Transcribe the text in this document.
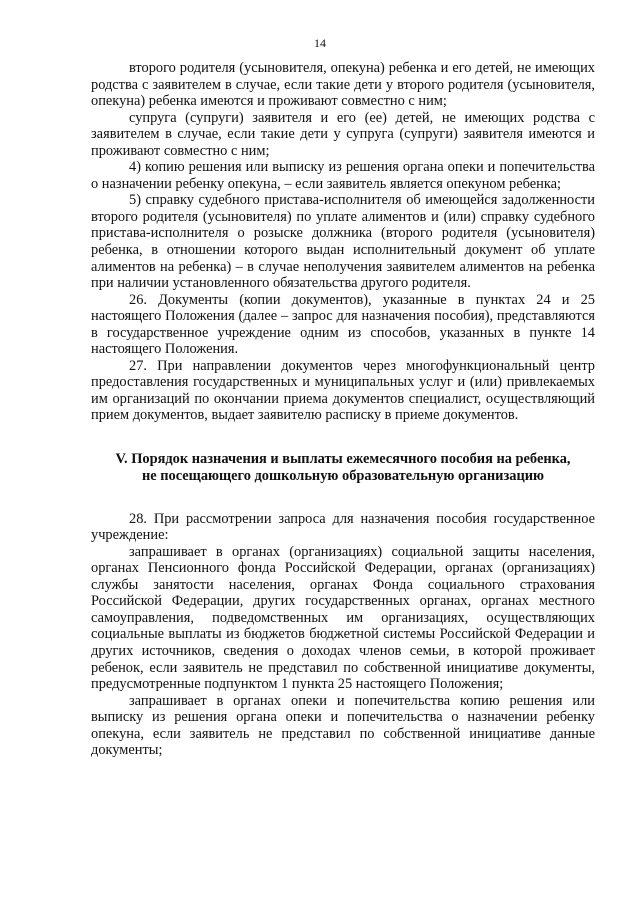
14

второго родителя (усыновителя, опекуна) ребенка и его детей, не имеющих родства с заявителем в случае, если такие дети у второго родителя (усыновителя, опекуна) ребенка имеются и проживают совместно с ним;

супруга (супруги) заявителя и его (ее) детей, не имеющих родства с заявителем в случае, если такие дети у супруга (супруги) заявителя имеются и проживают совместно с ним;

4) копию решения или выписку из решения органа опеки и попечительства о назначении ребенку опекуна, – если заявитель является опекуном ребенка;

5) справку судебного пристава-исполнителя об имеющейся задолженности второго родителя (усыновителя) по уплате алиментов и (или) справку судебного пристава-исполнителя о розыске должника (второго родителя (усыновителя) ребенка, в отношении которого выдан исполнительный документ об уплате алиментов на ребенка) – в случае неполучения заявителем алиментов на ребенка при наличии установленного обязательства другого родителя.

26. Документы (копии документов), указанные в пунктах 24 и 25 настоящего Положения (далее – запрос для назначения пособия), представляются в государственное учреждение одним из способов, указанных в пункте 14 настоящего Положения.

27. При направлении документов через многофункциональный центр предоставления государственных и муниципальных услуг и (или) привлекаемых им организаций по окончании приема документов специалист, осуществляющий прием документов, выдает заявителю расписку в приеме документов.

V. Порядок назначения и выплаты ежемесячного пособия на ребенка,
не посещающего дошкольную образовательную организацию

28. При рассмотрении запроса для назначения пособия государственное учреждение:

запрашивает в органах (организациях) социальной защиты населения, органах Пенсионного фонда Российской Федерации, органах (организациях) службы занятости населения, органах Фонда социального страхования Российской Федерации, других государственных органах, органах местного самоуправления, подведомственных им организациях, осуществляющих социальные выплаты из бюджетов бюджетной системы Российской Федерации и других источников, сведения о доходах членов семьи, в которой проживает ребенок, если заявитель не представил по собственной инициативе документы, предусмотренные подпунктом 1 пункта 25 настоящего Положения;

запрашивает в органах опеки и попечительства копию решения или выписку из решения органа опеки и попечительства о назначении ребенку опекуна, если заявитель не представил по собственной инициативе данные документы;
